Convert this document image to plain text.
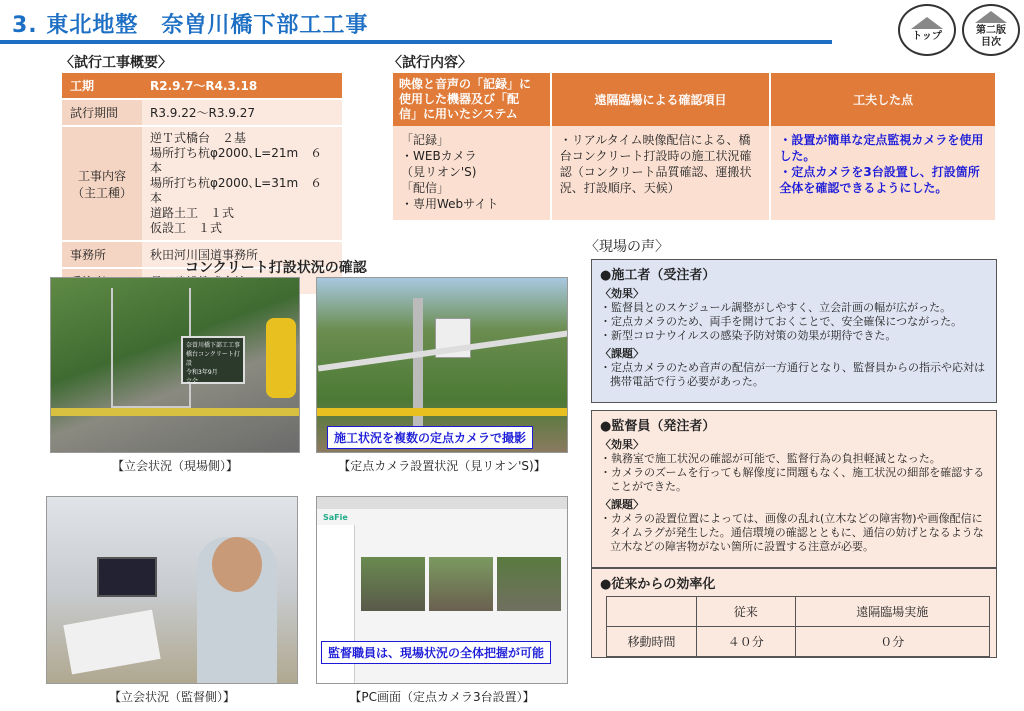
3. 東北地整　奈曽川橋下部工工事	トップ
第二版
目次
〈試行工事概要〉
工期	R2.9.7～R4.3.18
試行期間	R3.9.22～R3.9.27

工事内容
（主工種）	逆Ｔ式橋台　２基
場所打ち杭φ2000､L=21m　６本
場所打ち杭φ2000､L=31m　６本
道路土工　１式
仮設工　１式

事務所	秋田河川国道事務所

〈試行内容〉
映像と音声の「記録」に
使用した機器及び「配
信」に用いたシステム	遠隔臨場による確認項目	工夫した点

「記録」
・WEBカメラ
（見リオン'S)
「配信」
・専用Webサイト	・リアルタイム映像配信による、橋
台コンクリート打設時の施工状況確
認（コンクリート品質確認、運搬状
況、打設順序、天候）	・設置が簡単な定点監視カメラを使用
した。
・定点カメラを3台設置し、打設箇所
全体を確認できるようにした。
コンクリート打設状況の確認
奈曽川橋下部工工事
橋台コンクリート打設
令和3年9月
立会
【立会状況（現場側）】
施工状況を複数の定点カメラで撮影
【定点カメラ設置状況（見リオン'S)】
【立会状況（監督側）】
SaFie
監督職員は、現場状況の全体把握が可能
【PC画面（定点カメラ3台設置）】
〈現場の声〉
●施工者（受注者）
〈効果〉
・監督員とのスケジュール調整がしやすく、立会計画の幅が広がった。
・定点カメラのため、両手を開けておくことで、安全確保につながった。
・新型コロナウイルスの感染予防対策の効果が期待できた。
〈課題〉
・定点カメラのため音声の配信が一方通行となり、監督員からの指示や応対は携帯電話で行う必要があった。
●監督員（発注者）
〈効果〉
・執務室で施工状況の確認が可能で、監督行為の負担軽減となった。
・カメラのズームを行っても解像度に問題もなく、施工状況の細部を確認することができた。
〈課題〉
・カメラの設置位置によっては、画像の乱れ(立木などの障害物)や画像配信にタイムラグが発生した。通信環境の確認とともに、通信の妨げとなるような立木などの障害物がない箇所に設置する注意が必要。
●従来からの効率化
	従来	遠隔臨場実施
移動時間	４０分	０分
